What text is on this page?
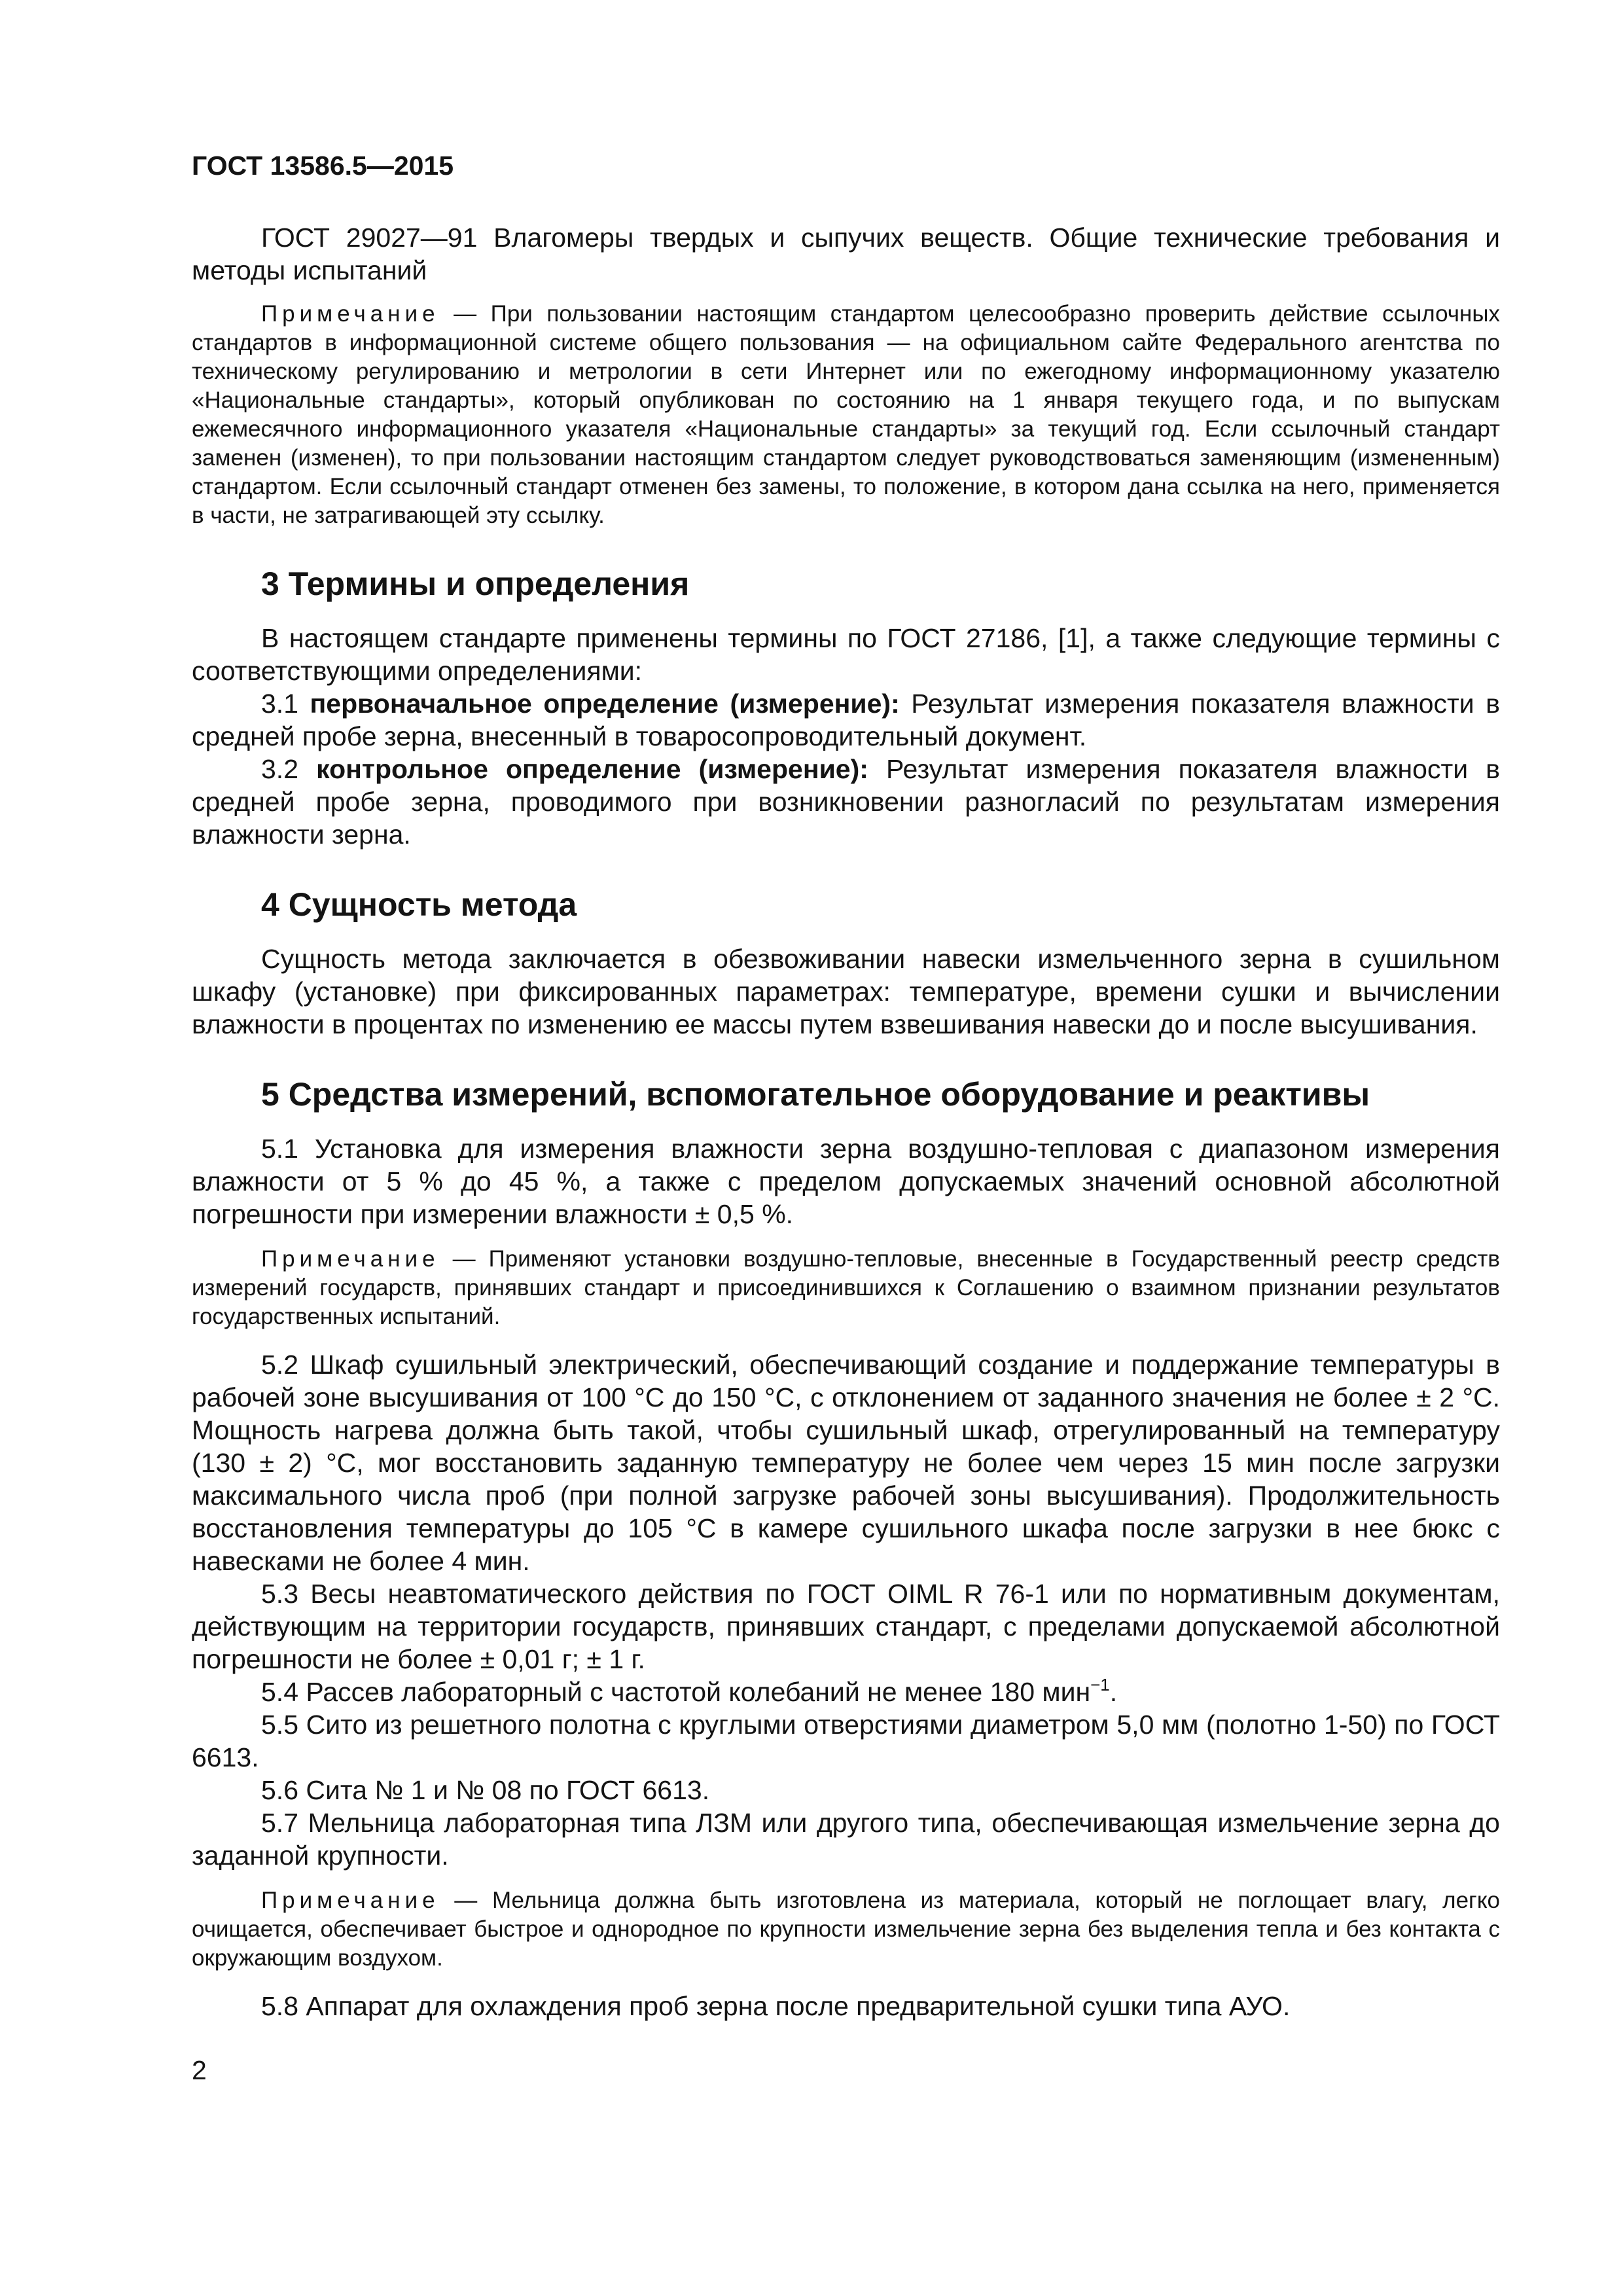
ГОСТ 13586.5—2015

ГОСТ 29027—91 Влагомеры твердых и сыпучих веществ. Общие технические требования и методы испытаний

Примечание — При пользовании настоящим стандартом целесообразно проверить действие ссылочных стандартов в информационной системе общего пользования — на официальном сайте Федерального агентства по техническому регулированию и метрологии в сети Интернет или по ежегодному информационному указателю «Национальные стандарты», который опубликован по состоянию на 1 января текущего года, и по выпускам ежемесячного информационного указателя «Национальные стандарты» за текущий год. Если ссылочный стандарт заменен (изменен), то при пользовании настоящим стандартом следует руководствоваться заменяющим (измененным) стандартом. Если ссылочный стандарт отменен без замены, то положение, в котором дана ссылка на него, применяется в части, не затрагивающей эту ссылку.

3 Термины и определения

В настоящем стандарте применены термины по ГОСТ 27186, [1], а также следующие термины с соответствующими определениями:

3.1 первоначальное определение (измерение): Результат измерения показателя влажности в средней пробе зерна, внесенный в товаросопроводительный документ.

3.2 контрольное определение (измерение): Результат измерения показателя влажности в средней пробе зерна, проводимого при возникновении разногласий по результатам измерения влажности зерна.

4 Сущность метода

Сущность метода заключается в обезвоживании навески измельченного зерна в сушильном шкафу (установке) при фиксированных параметрах: температуре, времени сушки и вычислении влажности в процентах по изменению ее массы путем взвешивания навески до и после высушивания.

5 Средства измерений, вспомогательное оборудование и реактивы

5.1 Установка для измерения влажности зерна воздушно-тепловая с диапазоном измерения влажности от 5 % до 45 %, а также с пределом допускаемых значений основной абсолютной погрешности при измерении влажности ± 0,5 %.

Примечание — Применяют установки воздушно-тепловые, внесенные в Государственный реестр средств измерений государств, принявших стандарт и присоединившихся к Соглашению о взаимном признании результатов государственных испытаний.

5.2 Шкаф сушильный электрический, обеспечивающий создание и поддержание температуры в рабочей зоне высушивания от 100 °С до 150 °С, с отклонением от заданного значения не более ± 2 °С. Мощность нагрева должна быть такой, чтобы сушильный шкаф, отрегулированный на температуру (130 ± 2) °С, мог восстановить заданную температуру не более чем через 15 мин после загрузки максимального числа проб (при полной загрузке рабочей зоны высушивания). Продолжительность восстановления температуры до 105 °С в камере сушильного шкафа после загрузки в нее бюкс с навесками не более 4 мин.

5.3 Весы неавтоматического действия по ГОСТ OIML R 76-1 или по нормативным документам, действующим на территории государств, принявших стандарт, с пределами допускаемой абсолютной погрешности не более ± 0,01 г; ± 1 г.

5.4 Рассев лабораторный с частотой колебаний не менее 180 мин$^{-1}$.

5.5 Сито из решетного полотна с круглыми отверстиями диаметром 5,0 мм (полотно 1-50) по ГОСТ 6613.

5.6 Сита № 1 и № 08 по ГОСТ 6613.

5.7 Мельница лабораторная типа ЛЗМ или другого типа, обеспечивающая измельчение зерна до заданной крупности.

Примечание — Мельница должна быть изготовлена из материала, который не поглощает влагу, легко очищается, обеспечивает быстрое и однородное по крупности измельчение зерна без выделения тепла и без контакта с окружающим воздухом.

5.8 Аппарат для охлаждения проб зерна после предварительной сушки типа АУО.

2
